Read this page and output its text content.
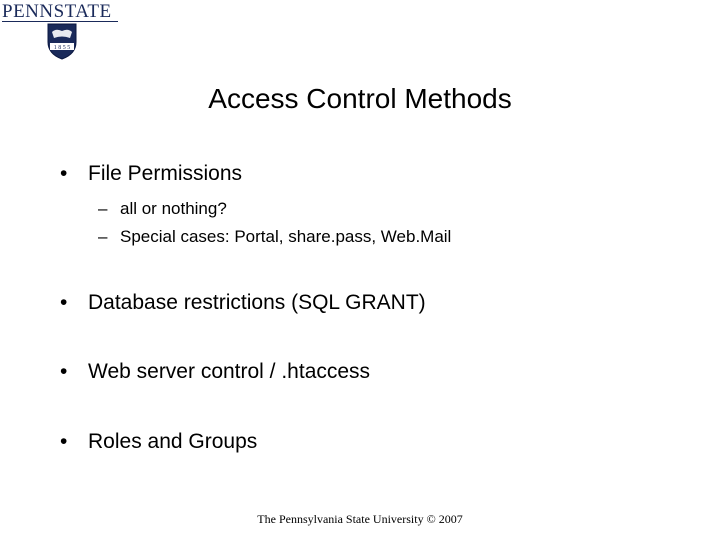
PENNSTATE
1 8 5 5
Access Control Methods
• File Permissions
– all or nothing?
– Special cases: Portal, share.pass, Web.Mail
• Database restrictions (SQL GRANT)
• Web server control / .htaccess
• Roles and Groups
The Pennsylvania State University © 2007
